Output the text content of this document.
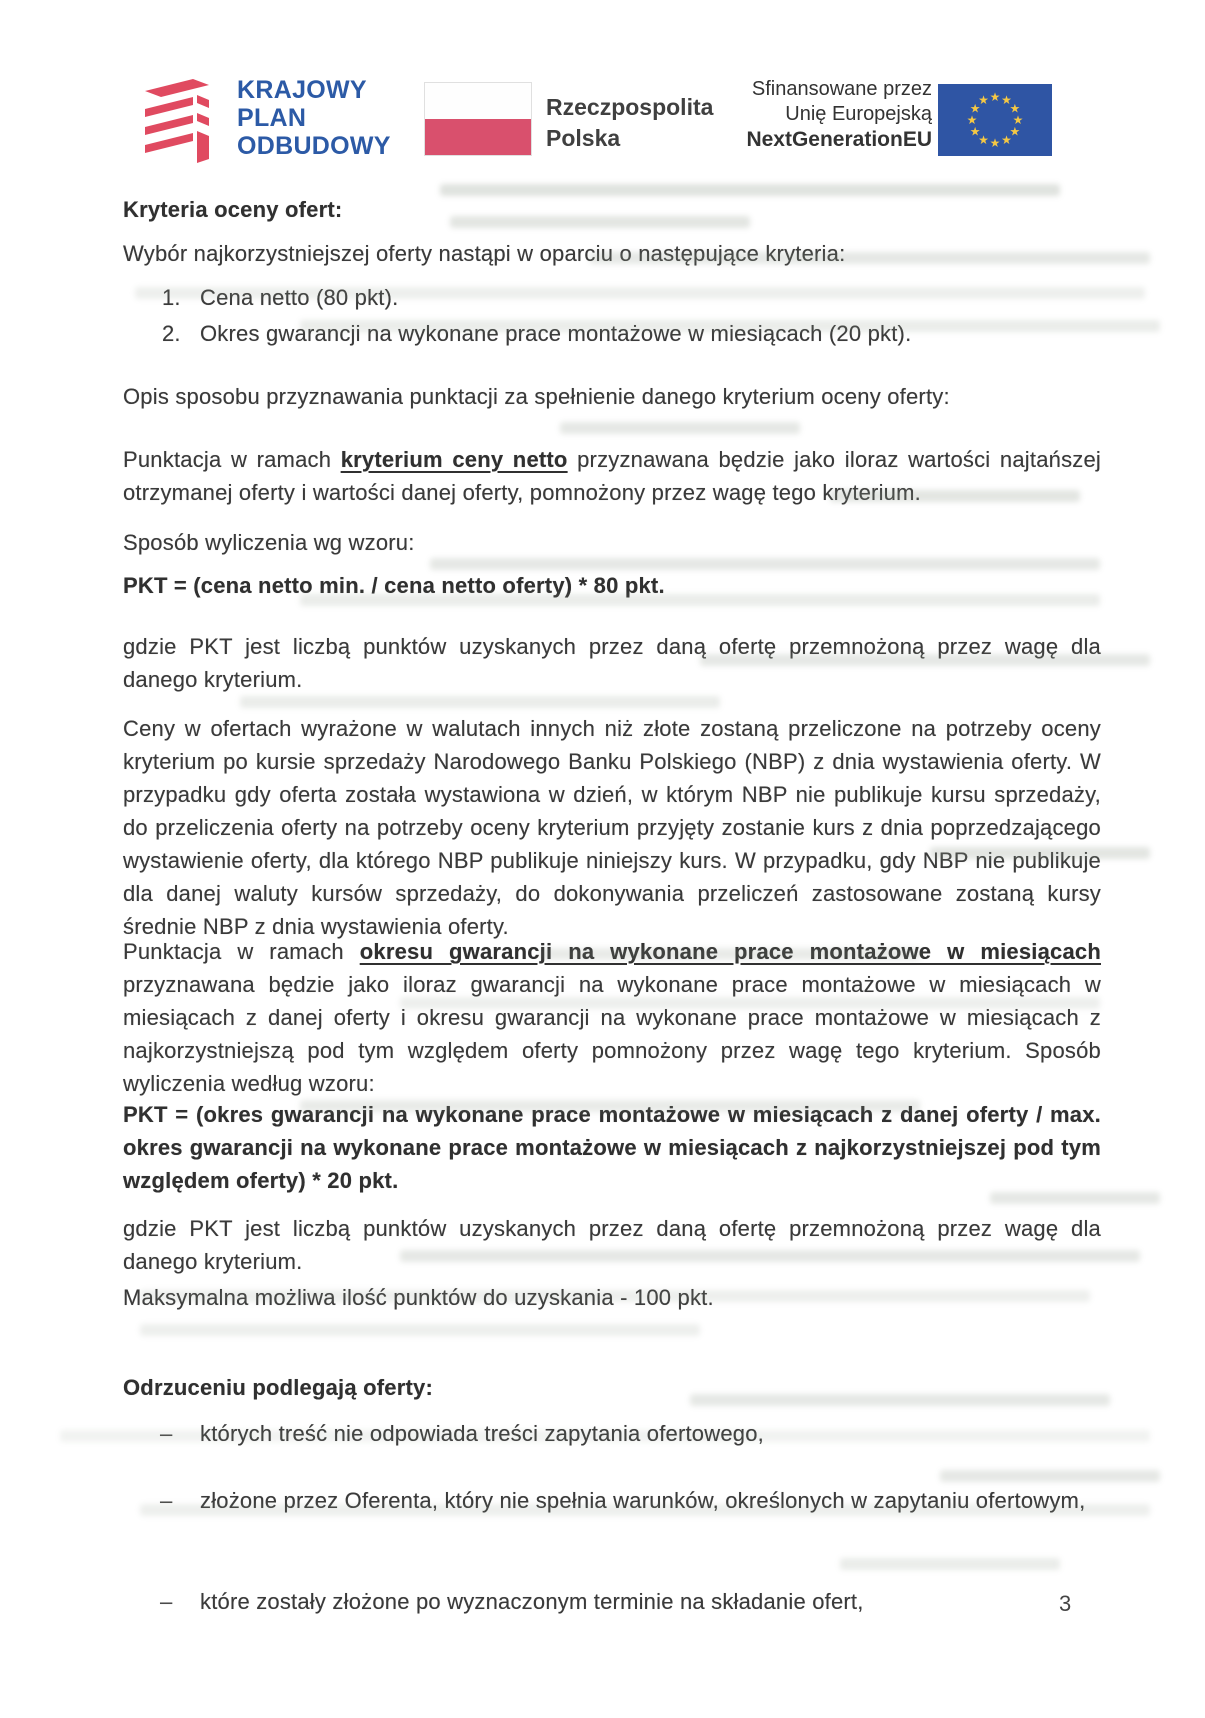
KRAJOWY
PLAN
ODBUDOWY
Rzeczpospolita
Polska
Sfinansowane przez
Unię Europejską
NextGenerationEU
★ ★
★
★
★
★
★
★
★
★
★
★
Kryteria oceny ofert:
Wybór najkorzystniejszej oferty nastąpi w oparciu o następujące kryteria:
1. Cena netto (80 pkt).
2. Okres gwarancji na wykonane prace montażowe w miesiącach (20 pkt).
Opis sposobu przyznawania punktacji za spełnienie danego kryterium oceny oferty:
Punktacja w ramach kryterium ceny netto przyznawana będzie jako iloraz wartości najtańszej otrzymanej oferty i wartości danej oferty, pomnożony przez wagę tego kryterium.
Sposób wyliczenia wg wzoru:
PKT = (cena netto min. / cena netto oferty) * 80 pkt.
gdzie PKT jest liczbą punktów uzyskanych przez daną ofertę przemnożoną przez wagę dla danego kryterium.
Ceny w ofertach wyrażone w walutach innych niż złote zostaną przeliczone na potrzeby oceny kryterium po kursie sprzedaży Narodowego Banku Polskiego (NBP) z dnia wystawienia oferty. W przypadku gdy oferta została wystawiona w dzień, w którym NBP nie publikuje kursu sprzedaży, do przeliczenia oferty na potrzeby oceny kryterium przyjęty zostanie kurs z dnia poprzedzającego wystawienie oferty, dla którego NBP publikuje niniejszy kurs. W przypadku, gdy NBP nie publikuje dla danej waluty kursów sprzedaży, do dokonywania przeliczeń zastosowane zostaną kursy średnie NBP z dnia wystawienia oferty.
Punktacja w ramach okresu gwarancji na wykonane prace montażowe w miesiącach przyznawana będzie jako iloraz gwarancji na wykonane prace montażowe w miesiącach w miesiącach z danej oferty i okresu gwarancji na wykonane prace montażowe w miesiącach z najkorzystniejszą pod tym względem oferty pomnożony przez wagę tego kryterium. Sposób wyliczenia według wzoru:
PKT = (okres gwarancji na wykonane prace montażowe w miesiącach z danej oferty / max. okres gwarancji na wykonane prace montażowe w miesiącach z najkorzystniejszej pod tym względem oferty) * 20 pkt.
gdzie PKT jest liczbą punktów uzyskanych przez daną ofertę przemnożoną przez wagę dla danego kryterium.
Maksymalna możliwa ilość punktów do uzyskania - 100 pkt.
Odrzuceniu podlegają oferty:
– których treść nie odpowiada treści zapytania ofertowego,
– złożone przez Oferenta, który nie spełnia warunków, określonych w zapytaniu ofertowym,
– które zostały złożone po wyznaczonym terminie na składanie ofert,	3
